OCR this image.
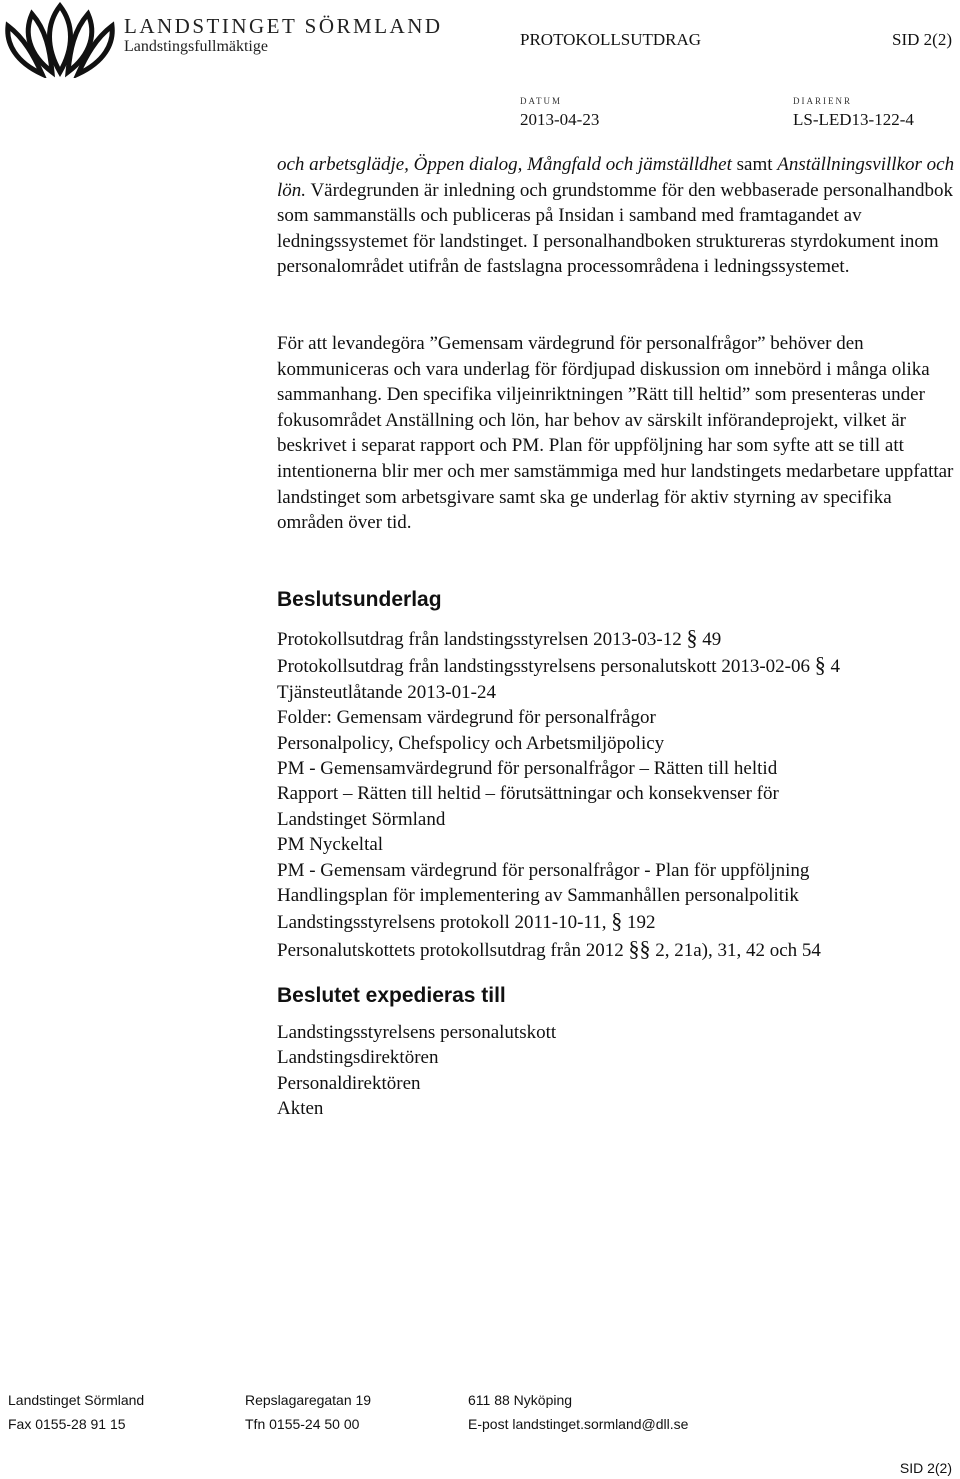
LANDSTINGET SÖRMLAND
Landstingsfullmäktige	PROTOKOLLSUTDRAG	SID 2(2)
DATUM
2013-04-23
DIARIENR
LS-LED13-122-4
och arbetsglädje, Öppen dialog, Mångfald och jämställdhet samt Anställningsvillkor och lön. Värdegrunden är inledning och grundstomme för den webbaserade personalhandbok som sammanställs och publiceras på Insidan i samband med framtagandet av ledningssystemet för landstinget. I personalhandboken struktureras styrdokument inom personalområdet utifrån de fastslagna processområdena i ledningssystemet.
För att levandegöra ”Gemensam värdegrund för personalfrågor” behöver den kommuniceras och vara underlag för fördjupad diskussion om innebörd i många olika sammanhang. Den specifika viljeinriktningen ”Rätt till heltid” som presenteras under fokusområdet Anställning och lön, har behov av särskilt införandeprojekt, vilket är beskrivet i separat rapport och PM. Plan för uppföljning har som syfte att se till att intentionerna blir mer och mer samstämmiga med hur landstingets medarbetare uppfattar landstinget som arbetsgivare samt ska ge underlag för aktiv styrning av specifika områden över tid.
Beslutsunderlag
Protokollsutdrag från landstingsstyrelsen 2013-03-12 § 49
Protokollsutdrag från landstingsstyrelsens personalutskott 2013-02-06 § 4
Tjänsteutlåtande 2013-01-24
Folder: Gemensam värdegrund för personalfrågor
Personalpolicy, Chefspolicy och Arbetsmiljöpolicy
PM - Gemensamvärdegrund för personalfrågor – Rätten till heltid
Rapport – Rätten till heltid – förutsättningar och konsekvenser för
Landstinget Sörmland
PM Nyckeltal
PM - Gemensam värdegrund för personalfrågor - Plan för uppföljning
Handlingsplan för implementering av Sammanhållen personalpolitik
Landstingsstyrelsens protokoll 2011-10-11, § 192
Personalutskottets protokollsutdrag från 2012 §§ 2, 21a), 31, 42 och 54
Beslutet expedieras till
Landstingsstyrelsens personalutskott
Landstingsdirektören
Personaldirektören
Akten
Landstinget Sörmland	Repslagaregatan 19	611 88 Nyköping
Fax 0155-28 91 15	Tfn 0155-24 50 00	E-post landstinget.sormland@dll.se
SID 2(2)
